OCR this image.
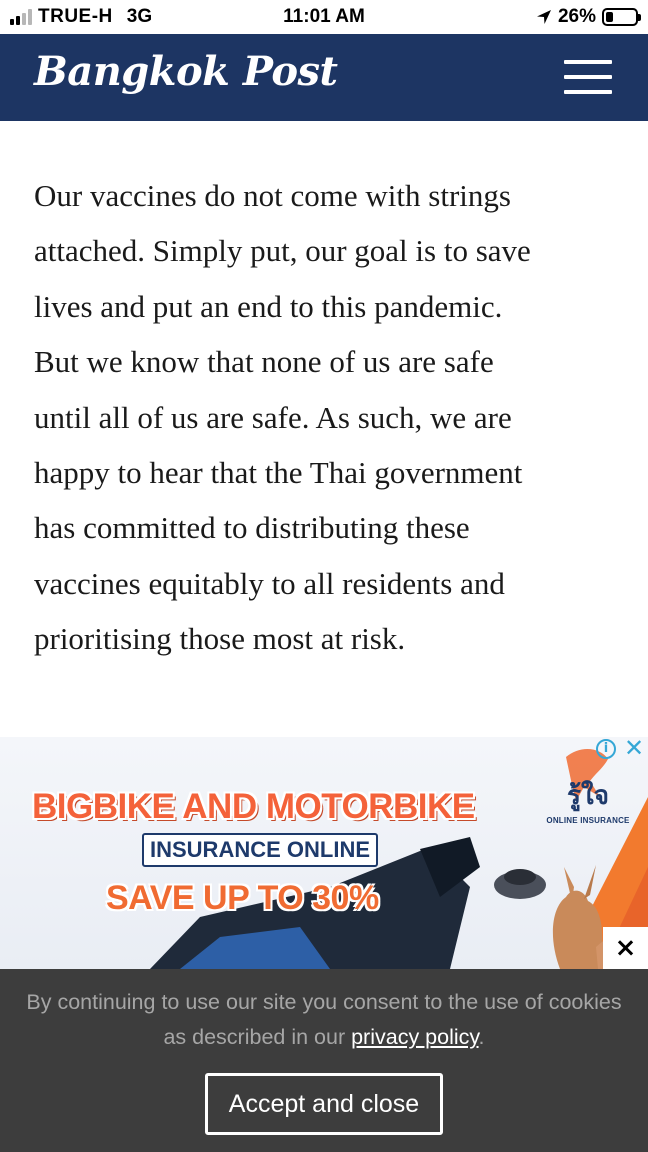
TRUE-H 3G	11:01 AM	26%
Bangkok Post
Our vaccines do not come with strings
attached. Simply put, our goal is to save
lives and put an end to this pandemic.
But we know that none of us are safe
until all of us are safe. As such, we are
happy to hear that the Thai government
has committed to distributing these
vaccines equitably to all residents and
prioritising those most at risk.
i ✕
รู้ใจ
ONLINE INSURANCE
BIGBIKE AND MOTORBIKE
INSURANCE ONLINE
SAVE UP TO 30%
×
By continuing to use our site you consent to the use of cookies as described in our privacy policy.
Accept and close
